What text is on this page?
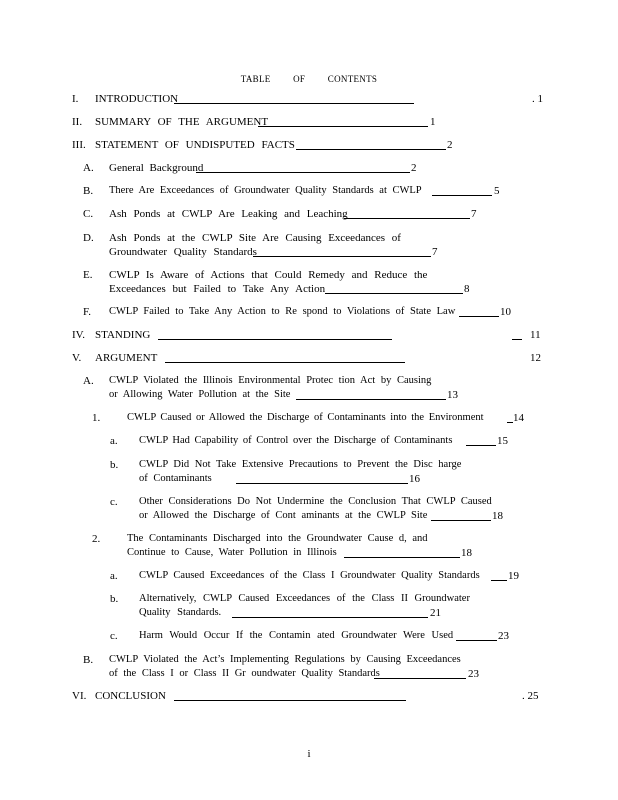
TABLE	OF	CONTENTS
I. INTRODUCTION	. 1
II. SUMMARY OF THE ARGUMENT	1
III. STATEMENT OF UNDISPUTED FACTS	2
A. General Background	2
B. There Are Exceedances of Groundwater Quality Standards at CWLP	5
C. Ash Ponds at CWLP Are Leaking and Leaching	7
D. Ash Ponds at the CWLP Site Are Causing Exceedances of
Groundwater Quality Standards	7
E. CWLP Is Aware of Actions that Could Remedy and Reduce the
Exceedances but Failed to Take Any Action	8
F. CWLP Failed to Take Any Action to Re spond to Violations of State Law	10
IV. STANDING	11
V. ARGUMENT	12
A. CWLP Violated the Illinois Environmental Protec tion Act by Causing
or Allowing Water Pollution at the Site	13
1.	CWLP Caused or Allowed the Discharge of Contaminants into the Environment	14
a. CWLP Had Capability of Control over the Discharge of Contaminants	15
b. CWLP Did Not Take Extensive Precautions to Prevent the Disc harge
of Contaminants	16
c. Other Considerations Do Not Undermine the Conclusion That CWLP Caused
or Allowed the Discharge of Cont aminants at the CWLP Site	18
2.	The Contaminants Discharged into the Groundwater Cause d, and
Continue to Cause, Water Pollution in Illinois	18
a. CWLP Caused Exceedances of the Class I Groundwater Quality Standards	19
b. Alternatively, CWLP Caused Exceedances of the Class II Groundwater
Quality Standards.	21
c. Harm Would Occur If the Contamin ated Groundwater Were Used	23
B. CWLP Violated the Act’s Implementing Regulations by Causing Exceedances
of the Class I or Class II Gr oundwater Quality Standards	23
VI. CONCLUSION	. 25
i
